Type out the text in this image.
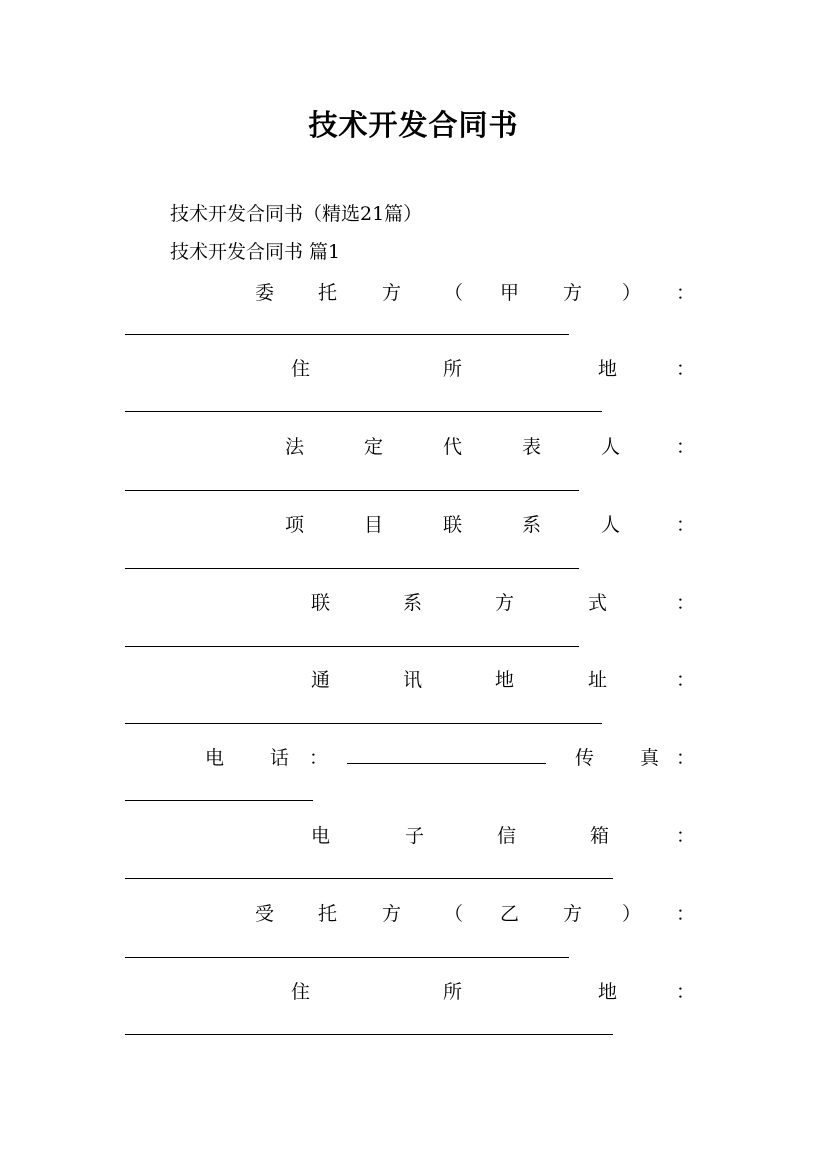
技术开发合同书
技术开发合同书（精选21篇）
技术开发合同书 篇1
委 托 方 （ 甲 方 ） ：
住	所	地	：
法	定	代	表	人	：
项	目	联	系	人	：
联	系	方	式	：
通	讯	地	址	：
电 话 ：	传 真 ：
电	子	信	箱	：
受 托 方 （ 乙 方 ） ：
住	所	地	：
